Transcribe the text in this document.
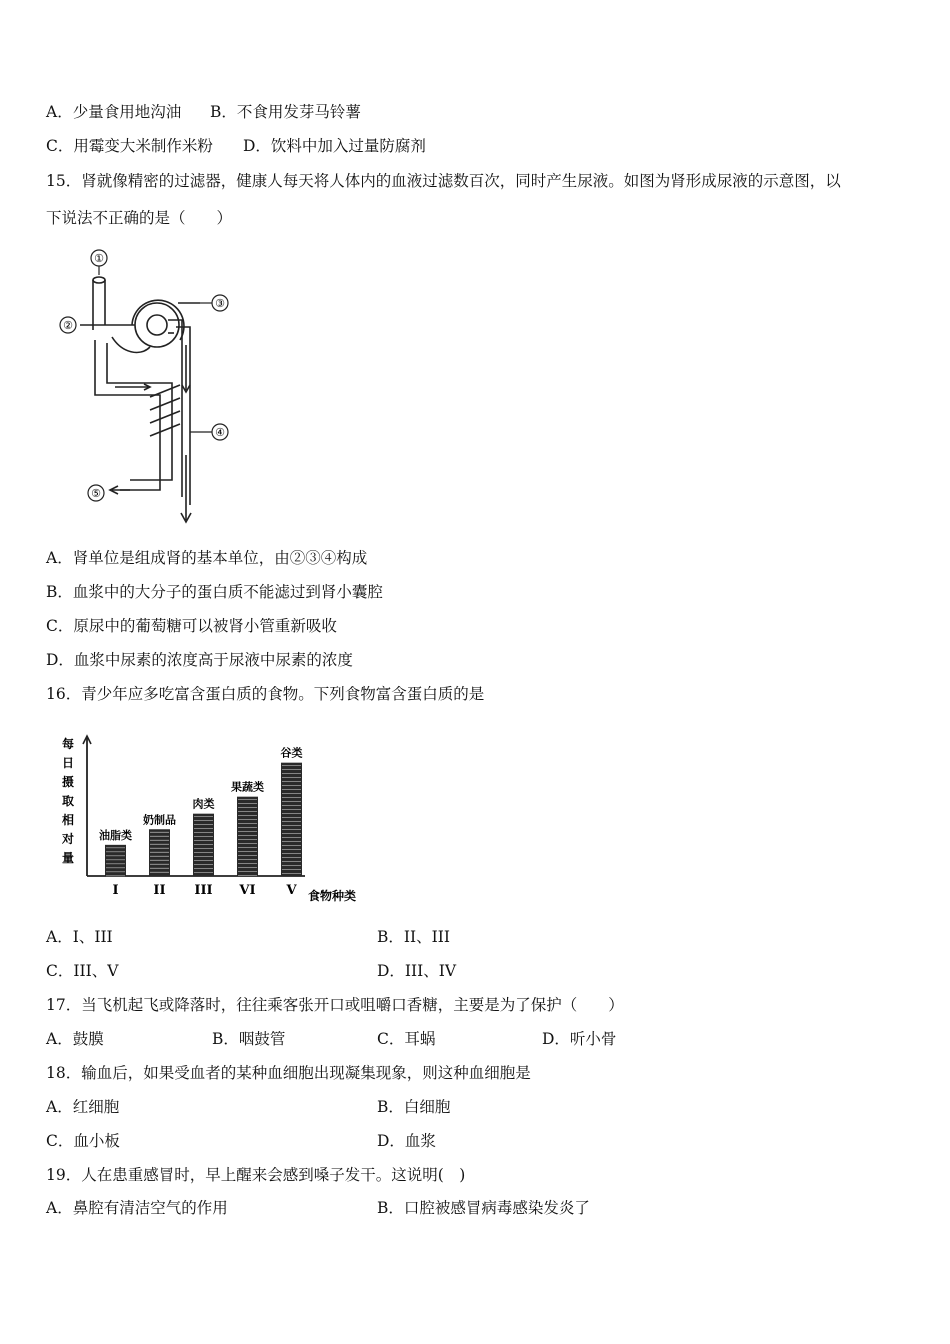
A．少量食用地沟油 B．不食用发芽马铃薯
C．用霉变大米制作米粉 D．饮料中加入过量防腐剂
15．肾就像精密的过滤器，健康人每天将人体内的血液过滤数百次，同时产生尿液。如图为肾形成尿液的示意图，以
下说法不正确的是（　　）
①
②
③
④
⑤
A．肾单位是组成肾的基本单位，由②③④构成
B．血浆中的大分子的蛋白质不能滤过到肾小囊腔
C．原尿中的葡萄糖可以被肾小管重新吸收
D．血浆中尿素的浓度高于尿液中尿素的浓度
16．青少年应多吃富含蛋白质的食物。下列食物富含蛋白质的是
每
日
摄
取
相
对
量
食物种类
油脂类
I
奶制品
II
肉类
III
果蔬类
VI
谷类
V
A．I、III	B．II、III
C．III、V	D．III、IV
17．当飞机起飞或降落时，往往乘客张开口或咀嚼口香糖，主要是为了保护（　　）
A．鼓膜	B．咽鼓管	C．耳蜗	D．听小骨
18．输血后，如果受血者的某种血细胞出现凝集现象，则这种血细胞是
A．红细胞	B．白细胞
C．血小板	D．血浆
19．人在患重感冒时，早上醒来会感到嗓子发干。这说明(　)
A．鼻腔有清洁空气的作用	B．口腔被感冒病毒感染发炎了
